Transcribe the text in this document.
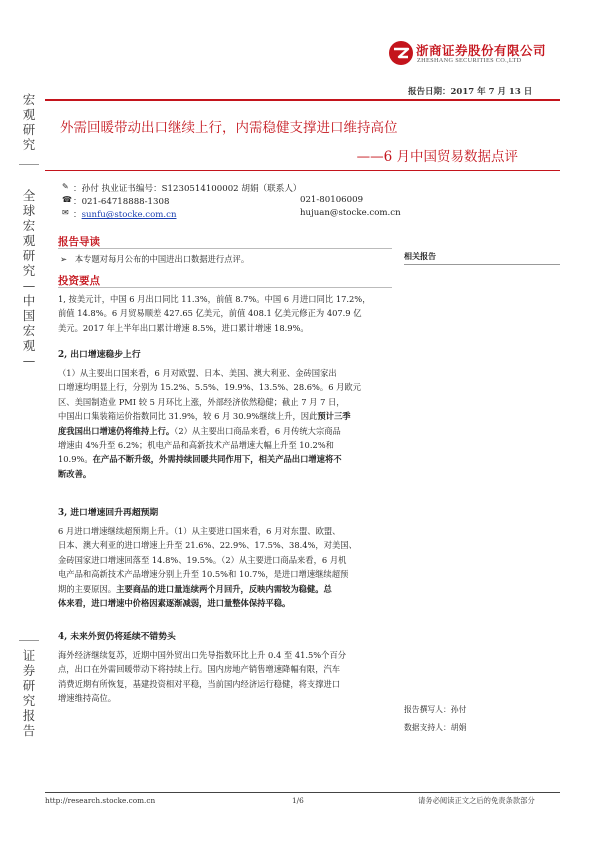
浙商证券股份有限公司
ZHESHANG SECURITIES CO.,LTD
报告日期：2017 年 7 月 13 日
宏观研究
全球宏观研究—中国宏观—
证券研究报告
外需回暖带动出口继续上行，内需稳健支撑进口维持高位
——6 月中国贸易数据点评
✎
☎
✉
：孙付 执业证书编号：S1230514100002 胡娟（联系人）
：021-64718888-1308	021-80106009
：sunfu@stocke.com.cn	hujuan@stocke.com.cn
报告导读
➢   本专题对每月公布的中国进出口数据进行点评。	相关报告
投资要点
1, 按美元计，中国 6 月出口同比 11.3%，前值 8.7%。中国 6 月进口同比 17.2%，
前值 14.8%。6 月贸易顺差 427.65 亿美元，前值 408.1 亿美元修正为 407.9 亿
美元。2017 年上半年出口累计增速 8.5%，进口累计增速 18.9%。
2, 出口增速稳步上行
（1）从主要出口国来看，6 月对欧盟、日本、美国、澳大利亚、金砖国家出
口增速均明显上行，分别为 15.2%、5.5%、19.9%、13.5%、28.6%。6 月欧元
区、美国制造业 PMI 较 5 月环比上涨，外部经济依然稳健；截止 7 月 7 日，
中国出口集装箱运价指数同比 31.9%，较 6 月 30.9%继续上升，因此预计三季
度我国出口增速仍将维持上行。（2）从主要出口商品来看，6 月传统大宗商品
增速由 4%升至 6.2%；机电产品和高新技术产品增速大幅上升至 10.2%和
10.9%。在产品不断升级，外需持续回暖共同作用下，相关产品出口增速将不
断改善。
3, 进口增速回升再超预期
6 月进口增速继续超预期上升。（1）从主要进口国来看，6 月对东盟、欧盟、
日本、澳大利亚的进口增速上升至 21.6%、22.9%、17.5%、38.4%，对美国、
金砖国家进口增速回落至 14.8%、19.5%。（2）从主要进口商品来看，6 月机
电产品和高新技术产品增速分别上升至 10.5%和 10.7%，是进口增速继续超预
期的主要原因。主要商品的进口量连续两个月回升，反映内需较为稳健。总
体来看，进口增速中价格因素逐渐减弱，进口量整体保持平稳。
4, 未来外贸仍将延续不错势头
海外经济继续复苏，近期中国外贸出口先导指数环比上升 0.4 至 41.5%个百分
点，出口在外需回暖带动下将持续上行。国内房地产销售增速降幅有限，汽车
消费近期有所恢复，基建投资相对平稳，当前国内经济运行稳健，将支撑进口
增速维持高位。
报告撰写人：孙付
数据支持人：胡娟
http://research.stocke.com.cn	1/6	请务必阅读正文之后的免责条款部分
